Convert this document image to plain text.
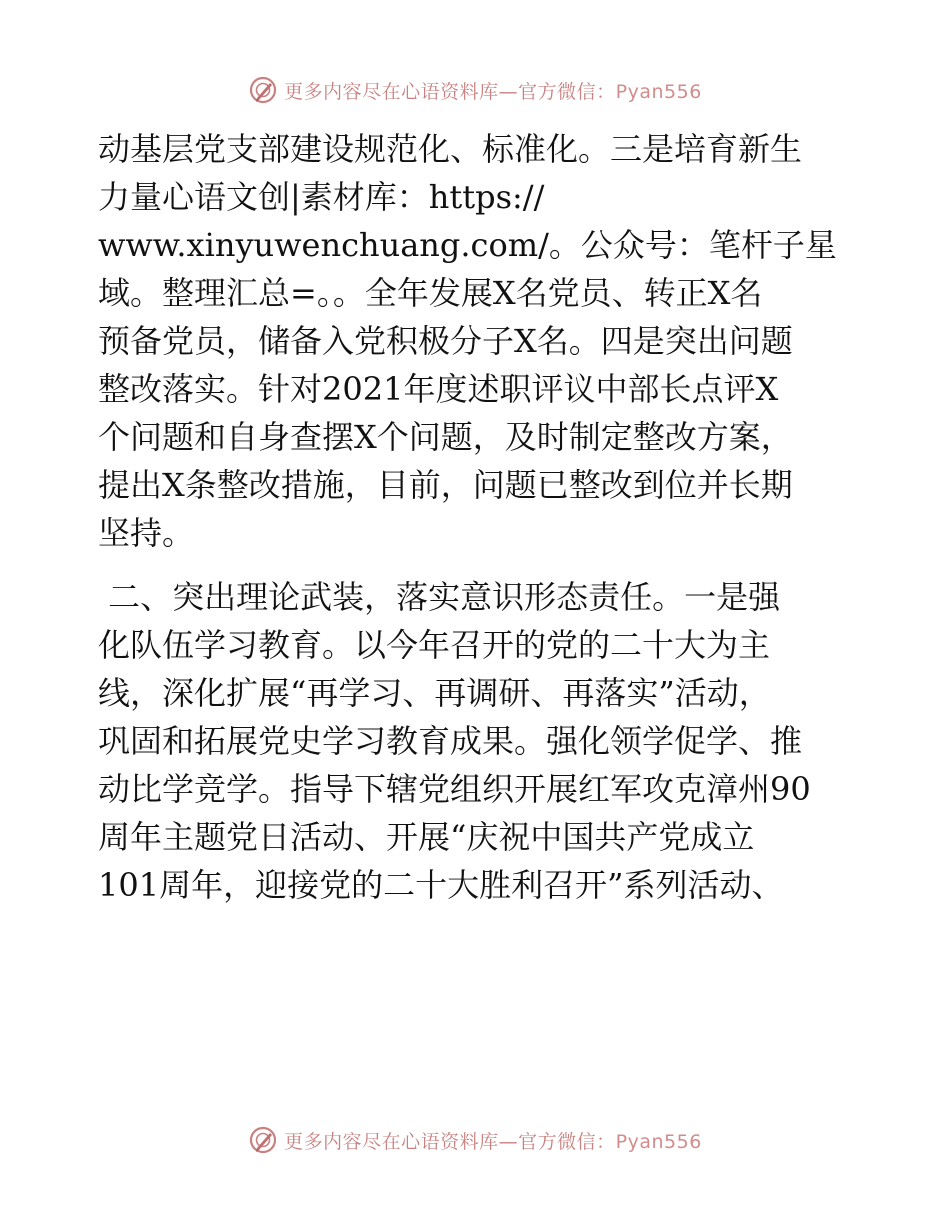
更多内容尽在心语资料库—官方微信：Pyan556

动基层党支部建设规范化、标准化。三是培育新生
力量心语文创|素材库：https://
www.xinyuwenchuang.com/。公众号：笔杆子星
域。整理汇总=。。全年发展X名党员、转正X名
预备党员，储备入党积极分子X名。四是突出问题
整改落实。针对2021年度述职评议中部长点评X
个问题和自身查摆X个问题，及时制定整改方案，
提出X条整改措施，目前，问题已整改到位并长期
坚持。

二、突出理论武装，落实意识形态责任。一是强
化队伍学习教育。以今年召开的党的二十大为主
线，深化扩展“再学习、再调研、再落实”活动，
巩固和拓展党史学习教育成果。强化领学促学、推
动比学竞学。指导下辖党组织开展红军攻克漳州90
周年主题党日活动、开展“庆祝中国共产党成立
101周年，迎接党的二十大胜利召开”系列活动、

更多内容尽在心语资料库—官方微信：Pyan556
